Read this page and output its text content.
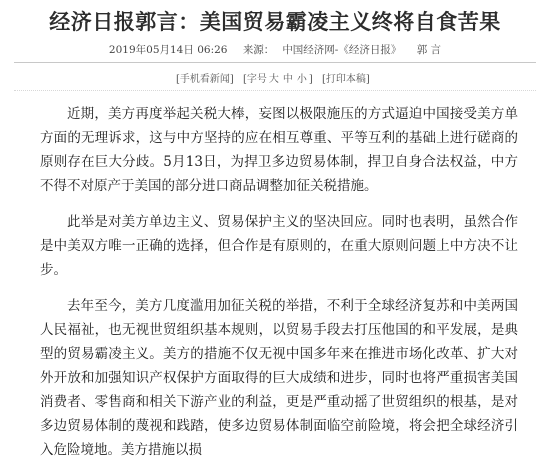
经济日报郭言：美国贸易霸凌主义终将自食苦果
2019年05月14日 06:26 来源： 中国经济网-《经济日报》 郭 言
[手机看新闻] [字号 大 中 小 ] [打印本稿]

近期，美方再度举起关税大棒，妄图以极限施压的方式逼迫中国接受美方单方面的无理诉求，这与中方坚持的应在相互尊重、平等互利的基础上进行磋商的原则存在巨大分歧。5月13日，为捍卫多边贸易体制，捍卫自身合法权益，中方不得不对原产于美国的部分进口商品调整加征关税措施。

此举是对美方单边主义、贸易保护主义的坚决回应。同时也表明，虽然合作是中美双方唯一正确的选择，但合作是有原则的，在重大原则问题上中方决不让步。

去年至今，美方几度滥用加征关税的举措，不利于全球经济复苏和中美两国人民福祉，也无视世贸组织基本规则，以贸易手段去打压他国的和平发展，是典型的贸易霸凌主义。美方的措施不仅无视中国多年来在推进市场化改革、扩大对外开放和加强知识产权保护方面取得的巨大成绩和进步，同时也将严重损害美国消费者、零售商和相关下游产业的利益，更是严重动摇了世贸组织的根基，是对多边贸易体制的蔑视和践踏，使多边贸易体制面临空前险境，将会把全球经济引入危险境地。美方措施以损
